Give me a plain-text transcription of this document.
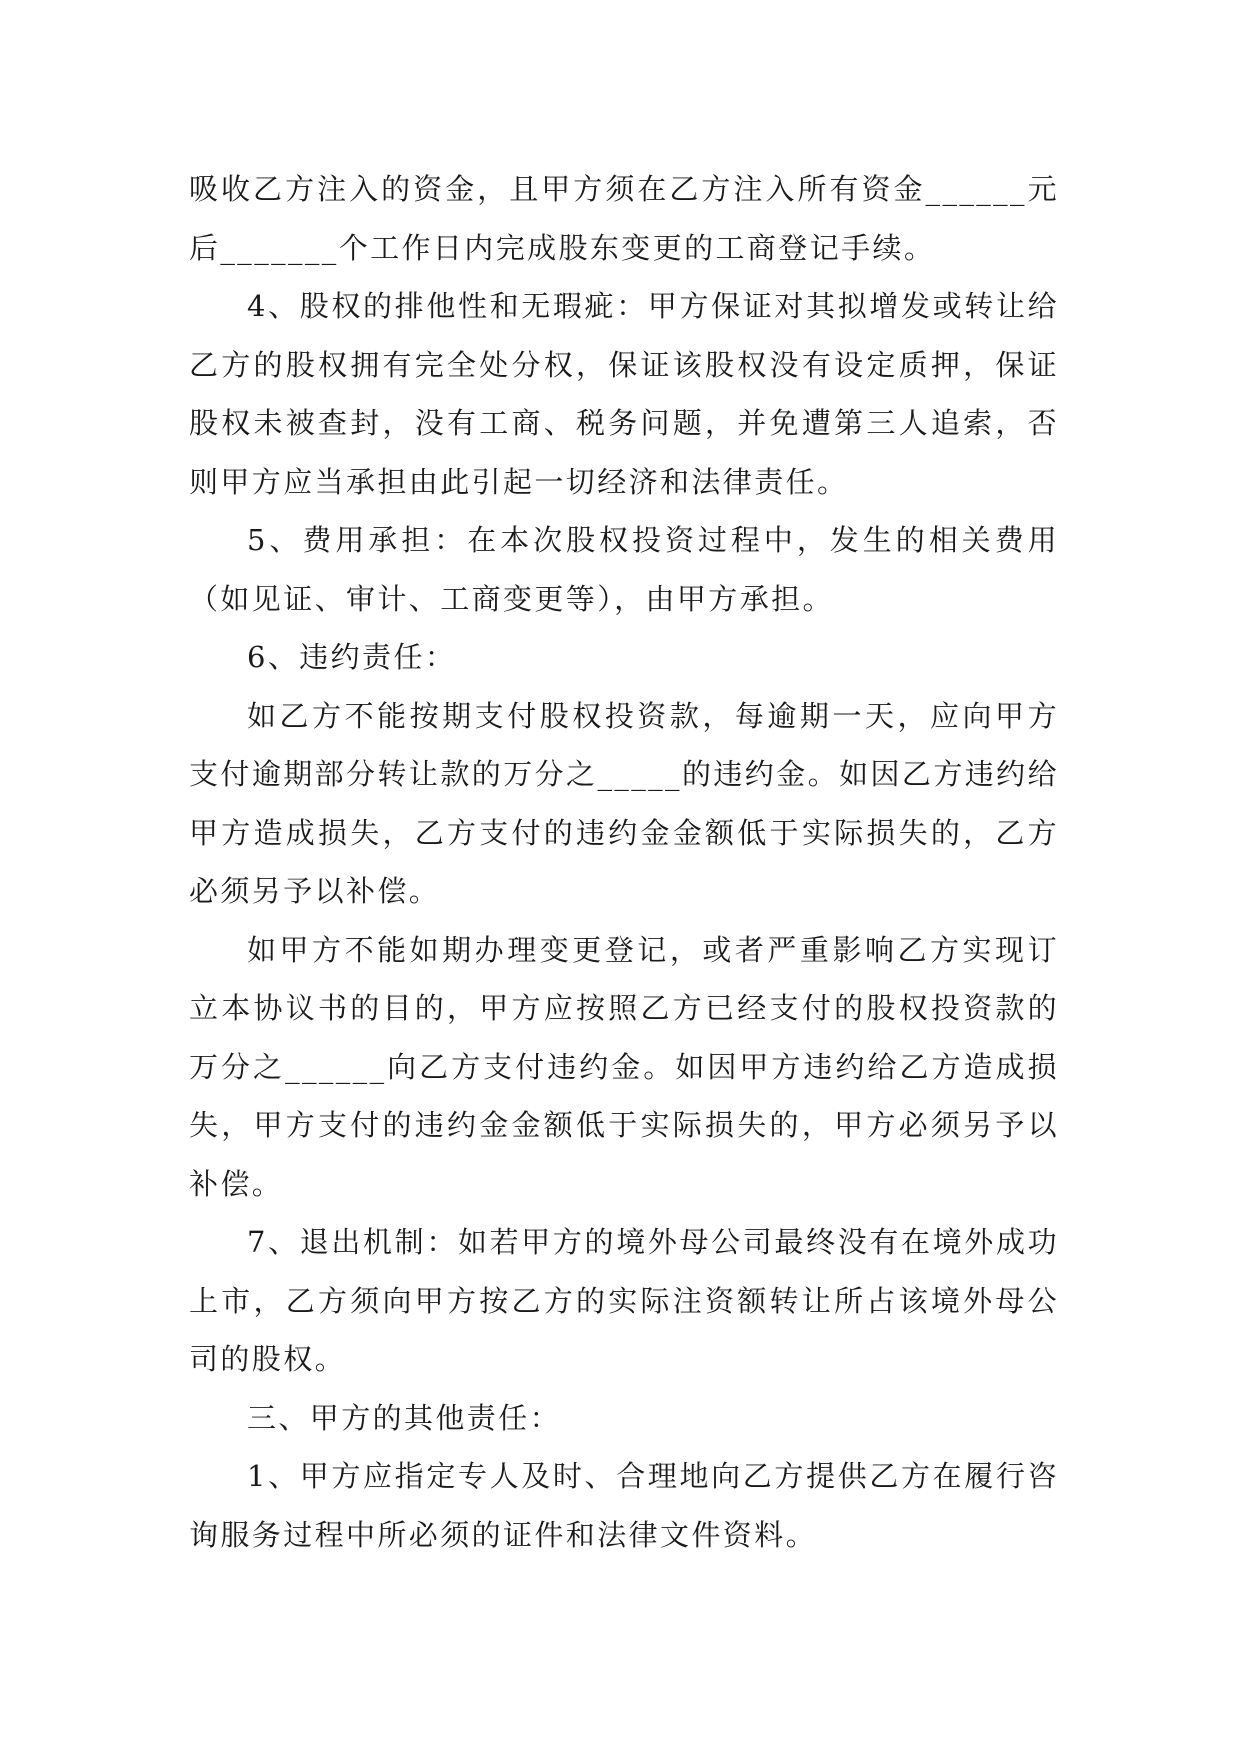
吸收乙方注入的资金，且甲方须在乙方注入所有资金______元后_______个工作日内完成股东变更的工商登记手续。

4、股权的排他性和无瑕疵：甲方保证对其拟增发或转让给乙方的股权拥有完全处分权，保证该股权没有设定质押，保证股权未被查封，没有工商、税务问题，并免遭第三人追索，否则甲方应当承担由此引起一切经济和法律责任。

5、费用承担：在本次股权投资过程中，发生的相关费用（如见证、审计、工商变更等），由甲方承担。

6、违约责任：

如乙方不能按期支付股权投资款，每逾期一天，应向甲方支付逾期部分转让款的万分之_____的违约金。如因乙方违约给甲方造成损失，乙方支付的违约金金额低于实际损失的，乙方必须另予以补偿。

如甲方不能如期办理变更登记，或者严重影响乙方实现订立本协议书的目的，甲方应按照乙方已经支付的股权投资款的万分之______向乙方支付违约金。如因甲方违约给乙方造成损失，甲方支付的违约金金额低于实际损失的，甲方必须另予以补偿。

7、退出机制：如若甲方的境外母公司最终没有在境外成功上市，乙方须向甲方按乙方的实际注资额转让所占该境外母公司的股权。

三、甲方的其他责任：

1、甲方应指定专人及时、合理地向乙方提供乙方在履行咨询服务过程中所必须的证件和法律文件资料。
